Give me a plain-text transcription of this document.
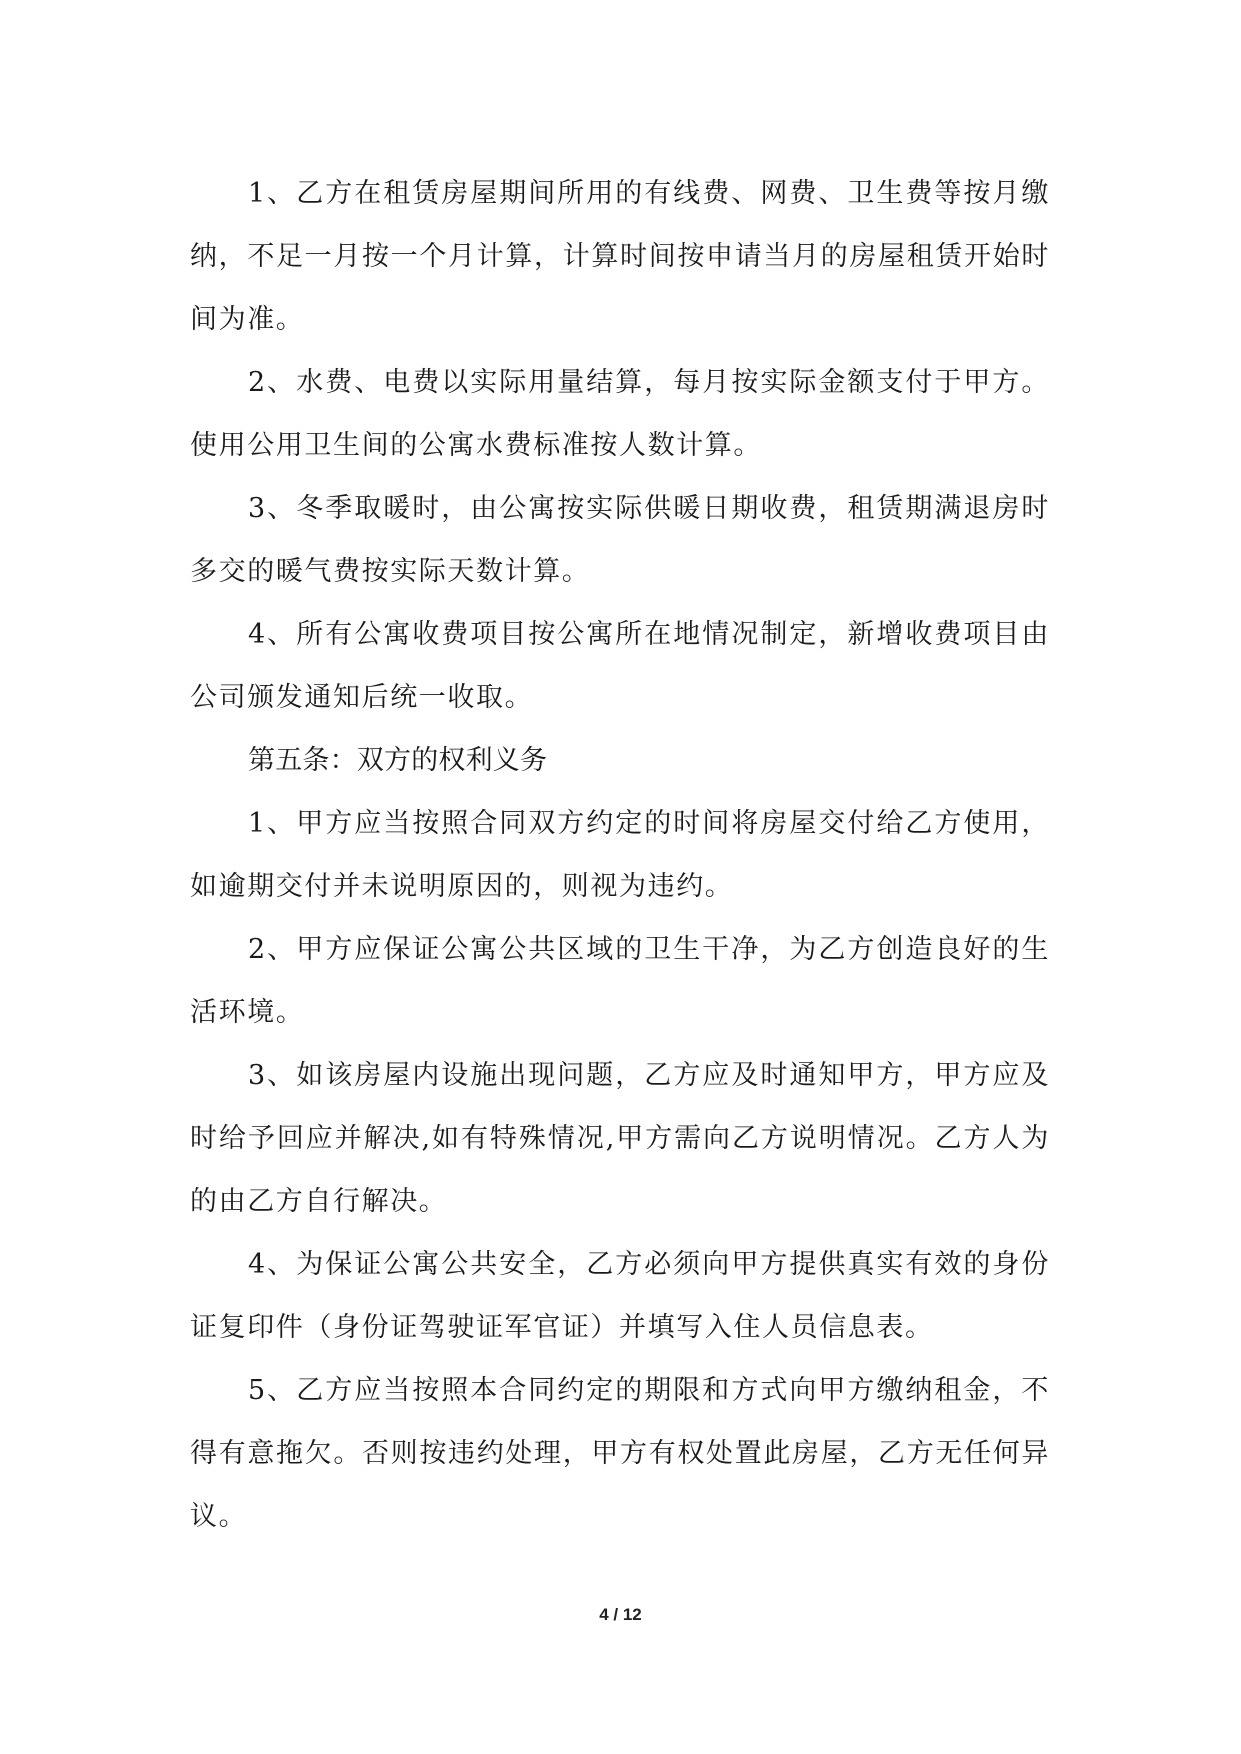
1、乙方在租赁房屋期间所用的有线费、网费、卫生费等按月缴纳，不足一月按一个月计算，计算时间按申请当月的房屋租赁开始时间为准。

2、水费、电费以实际用量结算，每月按实际金额支付于甲方。使用公用卫生间的公寓水费标准按人数计算。

3、冬季取暖时，由公寓按实际供暖日期收费，租赁期满退房时多交的暖气费按实际天数计算。

4、所有公寓收费项目按公寓所在地情况制定，新增收费项目由公司颁发通知后统一收取。

第五条：双方的权利义务

1、甲方应当按照合同双方约定的时间将房屋交付给乙方使用，如逾期交付并未说明原因的，则视为违约。

2、甲方应保证公寓公共区域的卫生干净，为乙方创造良好的生活环境。

3、如该房屋内设施出现问题，乙方应及时通知甲方，甲方应及时给予回应并解决,如有特殊情况,甲方需向乙方说明情况。乙方人为的由乙方自行解决。

4、为保证公寓公共安全，乙方必须向甲方提供真实有效的身份证复印件（身份证驾驶证军官证）并填写入住人员信息表。

5、乙方应当按照本合同约定的期限和方式向甲方缴纳租金，不得有意拖欠。否则按违约处理，甲方有权处置此房屋，乙方无任何异议。

4 / 12
